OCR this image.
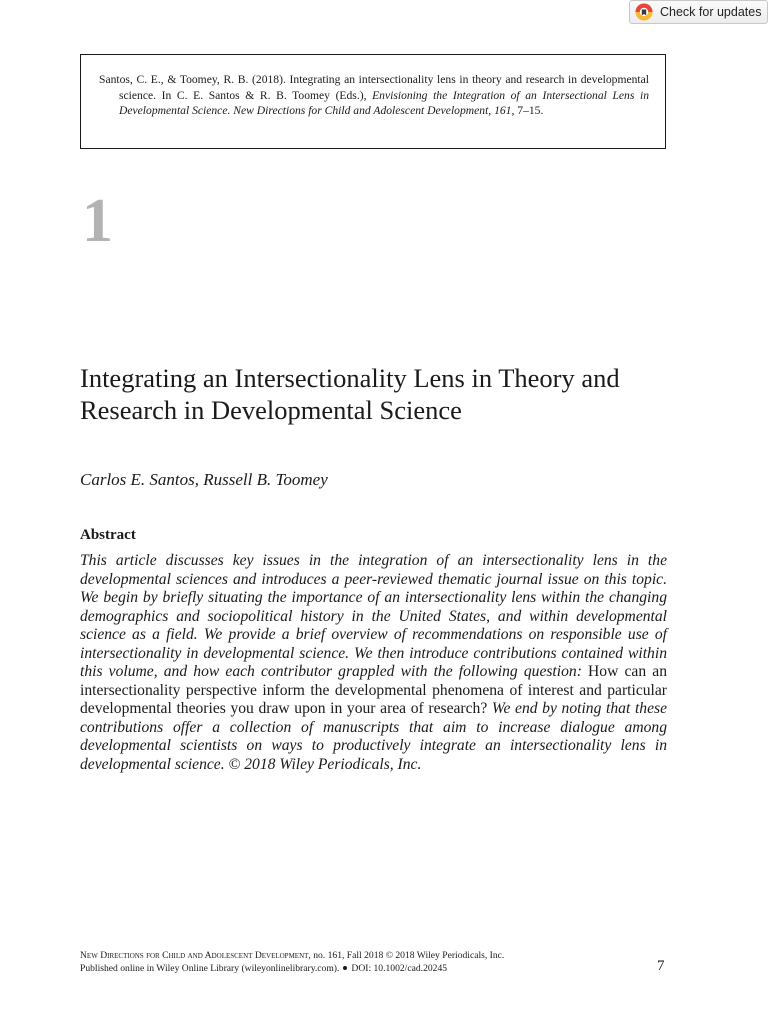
Check for updates

Santos, C. E., & Toomey, R. B. (2018). Integrating an intersectionality lens in theory and research in developmental science. In C. E. Santos & R. B. Toomey (Eds.), Envisioning the Integration of an Intersectional Lens in Developmental Science. New Directions for Child and Adolescent Development, 161, 7–15.

1
Integrating an Intersectionality Lens in Theory and Research in Developmental Science
Carlos E. Santos, Russell B. Toomey
Abstract

This article discusses key issues in the integration of an intersectionality lens in the developmental sciences and introduces a peer-reviewed thematic journal issue on this topic. We begin by briefly situating the importance of an intersectionality lens within the changing demographics and sociopolitical history in the United States, and within developmental science as a field. We provide a brief overview of recommendations on responsible use of intersectionality in developmental science. We then introduce contributions contained within this volume, and how each contributor grappled with the following question: How can an intersectionality perspective inform the developmental phenomena of interest and particular developmental theories you draw upon in your area of research? We end by noting that these contributions offer a collection of manuscripts that aim to increase dialogue among developmental scientists on ways to productively integrate an intersectionality lens in developmental science. © 2018 Wiley Periodicals, Inc.

New Directions for Child and Adolescent Development, no. 161, Fall 2018 © 2018 Wiley Periodicals, Inc.
Published online in Wiley Online Library (wileyonlinelibrary.com). DOI: 10.1002/cad.20245	7
